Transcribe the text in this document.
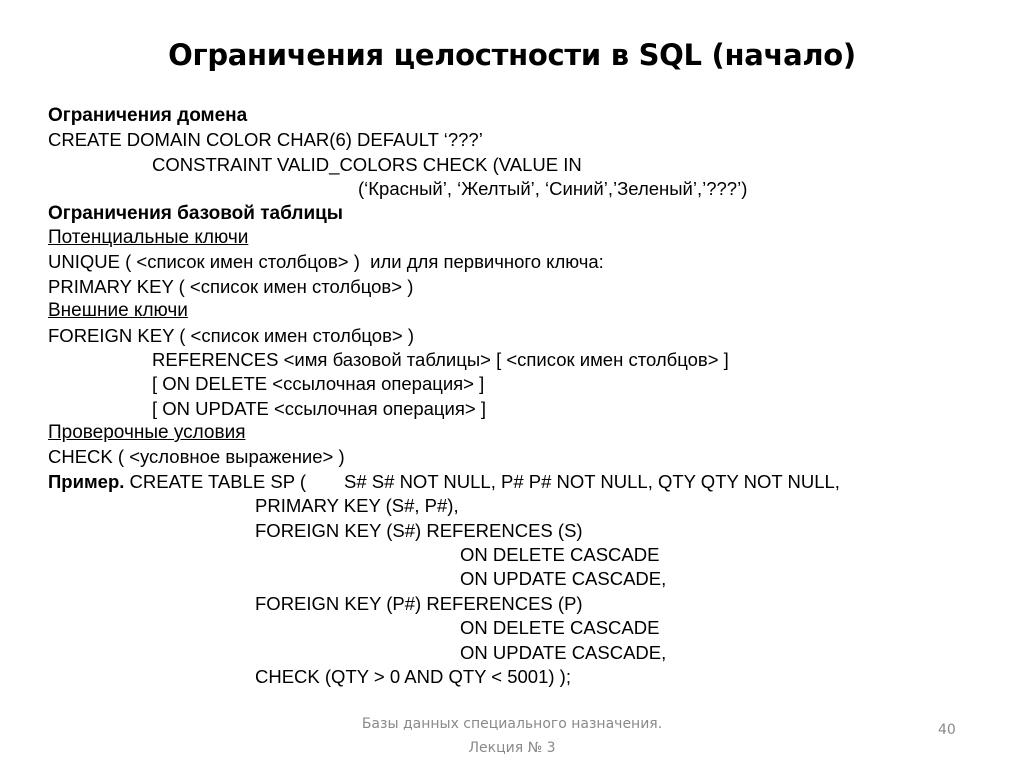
Ограничения целостности в SQL (начало)
Ограничения домена
CREATE DOMAIN COLOR CHAR(6) DEFAULT ‘???’
CONSTRAINT VALID_COLORS CHECK (VALUE IN
(‘Красный’, ‘Желтый’, ‘Синий’,’Зеленый’,’???’)
Ограничения базовой таблицы
Потенциальные ключи
UNIQUE ( <список имен столбцов> )  или для первичного ключа:
PRIMARY KEY ( <список имен столбцов> )
Внешние ключи
FOREIGN KEY ( <список имен столбцов> )
REFERENCES <имя базовой таблицы> [ <список имен столбцов> ]
[ ON DELETE <ссылочная операция> ]
[ ON UPDATE <ссылочная операция> ]
Проверочные условия
CHECK ( <условное выражение> )
Пример. CREATE TABLE SP ( S# S# NOT NULL, P# P# NOT NULL, QTY QTY NOT NULL,
PRIMARY KEY (S#, P#),
FOREIGN KEY (S#) REFERENCES (S)
ON DELETE CASCADE
ON UPDATE CASCADE,
FOREIGN KEY (P#) REFERENCES (P)
ON DELETE CASCADE
ON UPDATE CASCADE,
CHECK (QTY > 0 AND QTY < 5001) );
Базы данных специального назначения.
Лекция № 3
40
